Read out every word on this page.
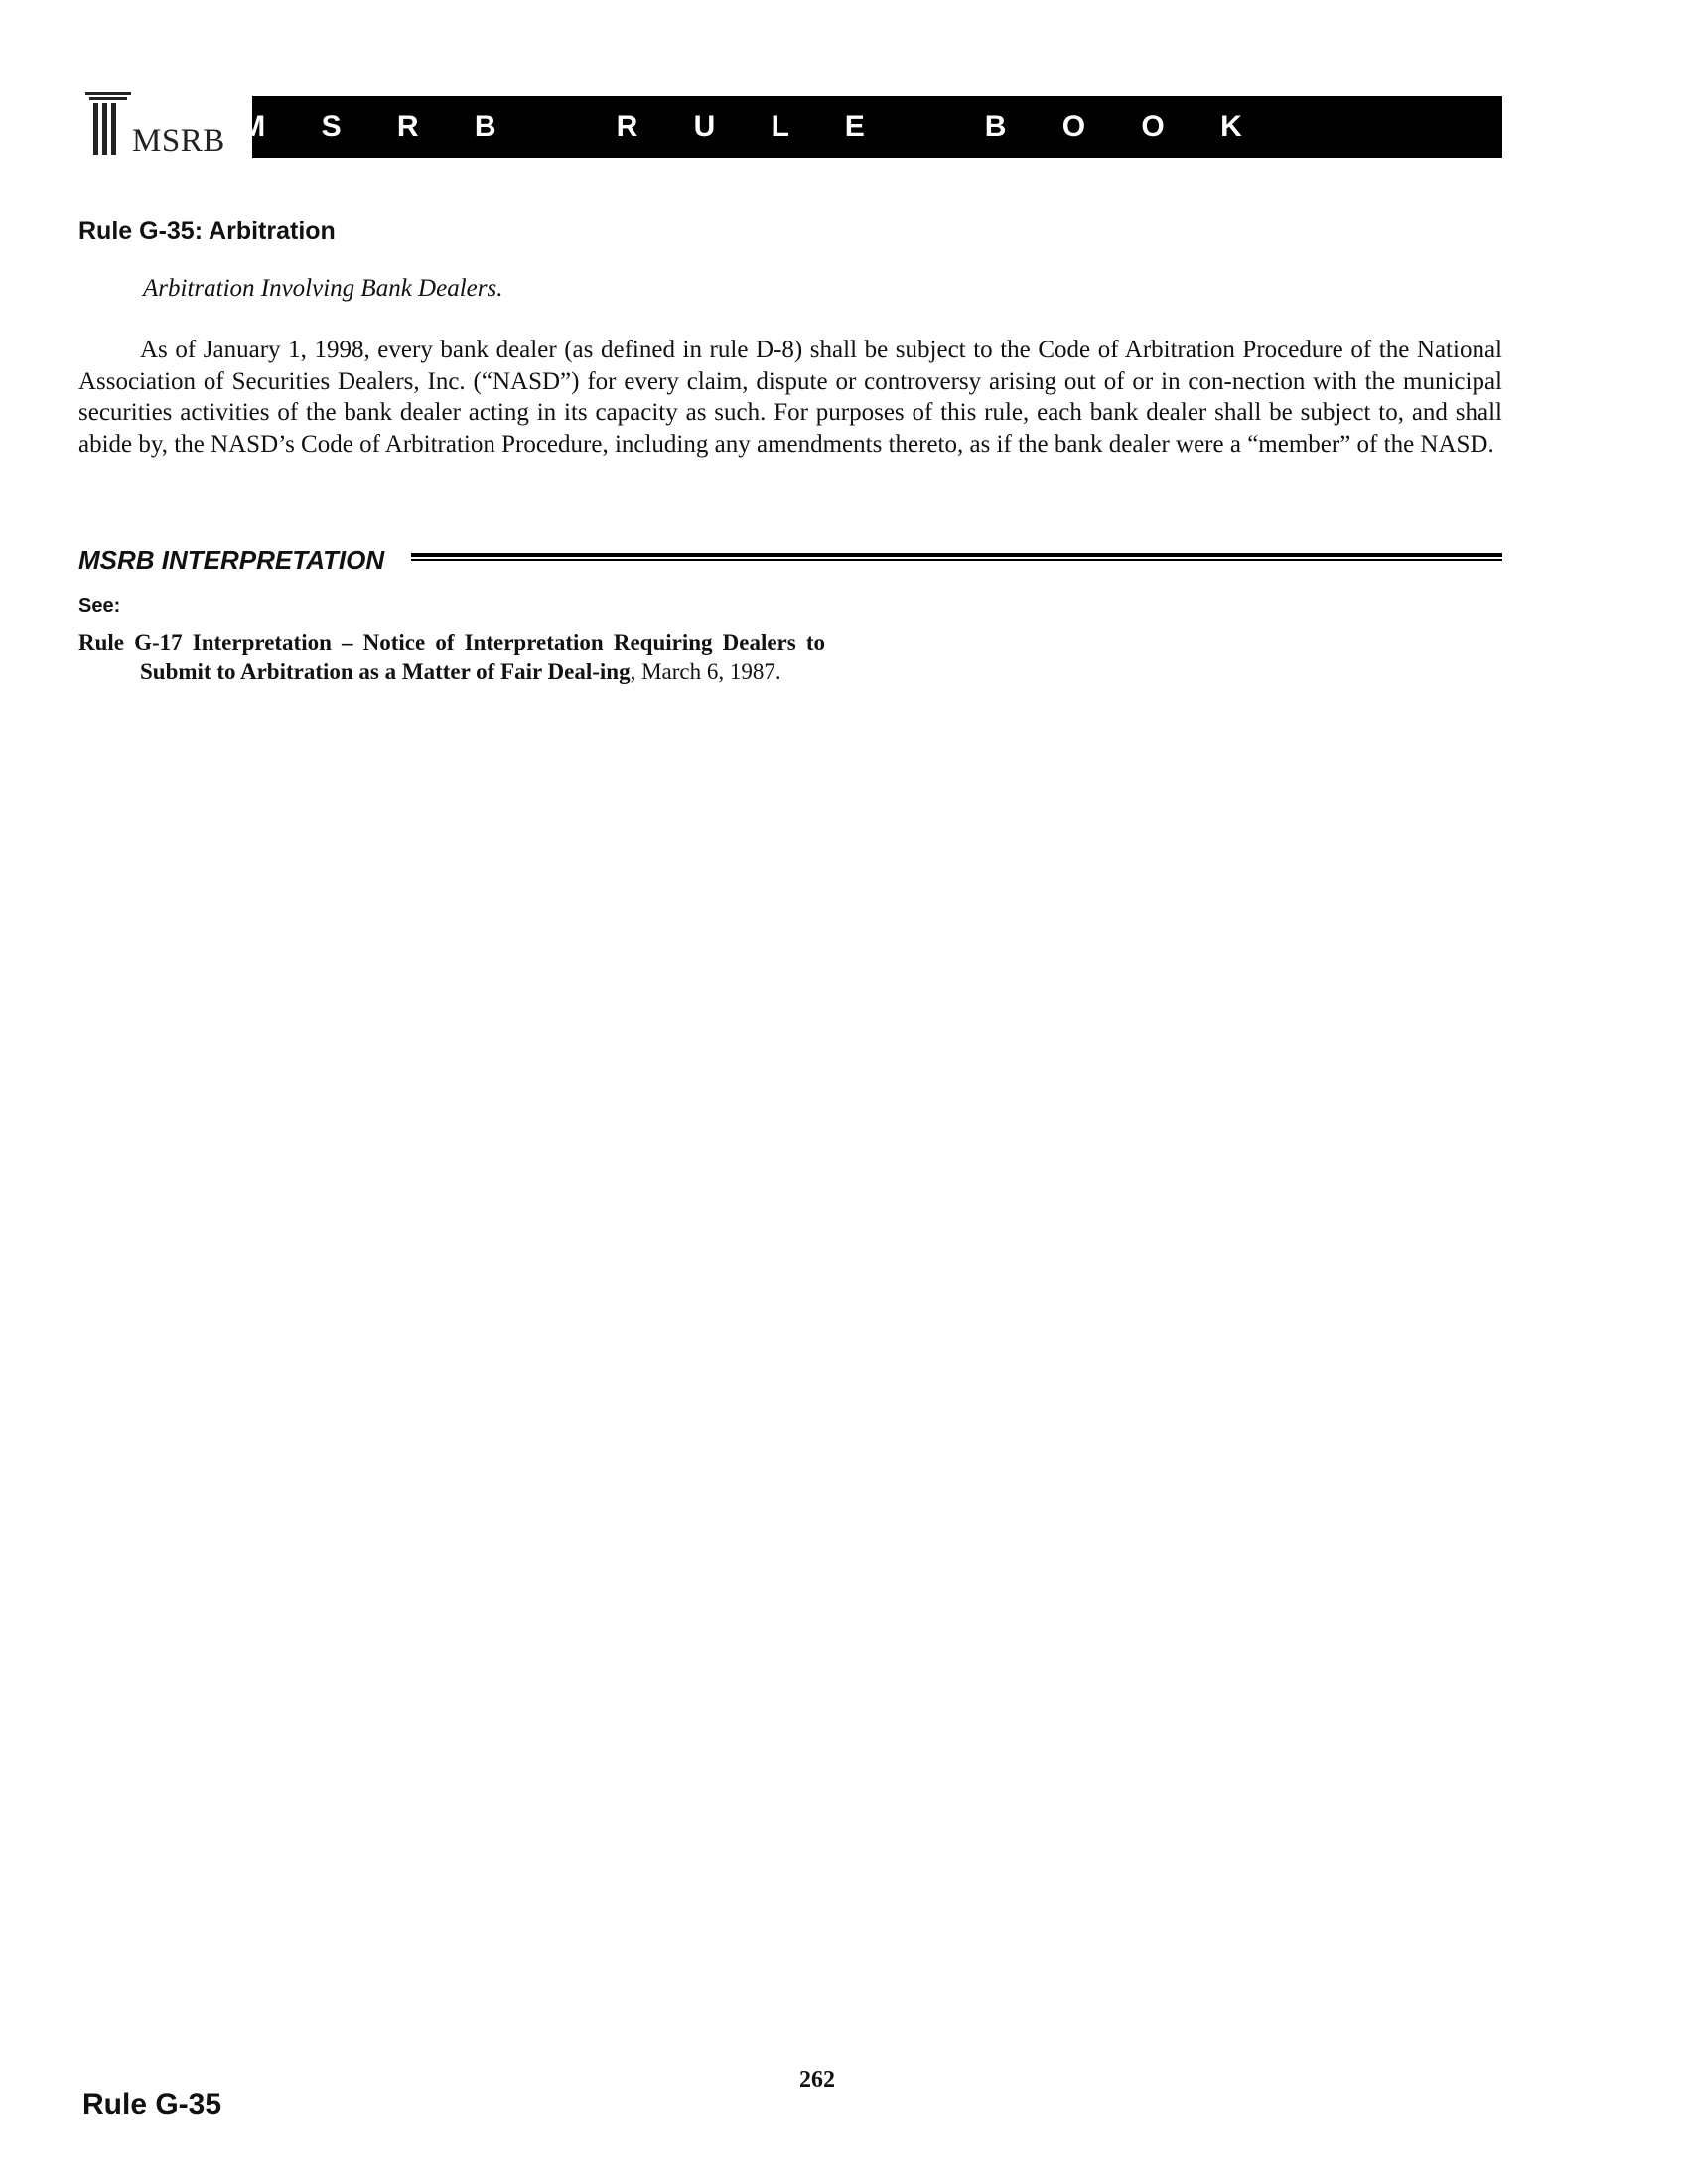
MSRB M S R B   R U L E   B O O K
Rule G-35: Arbitration
Arbitration Involving Bank Dealers.

As of January 1, 1998, every bank dealer (as defined in rule D-8) shall be subject to the Code of Arbitration Procedure of the National Association of Securities Dealers, Inc. (“NASD”) for every claim, dispute or controversy arising out of or in con-nection with the municipal securities activities of the bank dealer acting in its capacity as such. For purposes of this rule, each bank dealer shall be subject to, and shall abide by, the NASD’s Code of Arbitration Procedure, including any amendments thereto, as if the bank dealer were a “member” of the NASD.

MSRB INTERPRETATION
See:

Rule G-17 Interpretation – Notice of Interpretation Requiring Dealers to Submit to Arbitration as a Matter of Fair Deal-ing, March 6, 1987.

262
Rule G-35
